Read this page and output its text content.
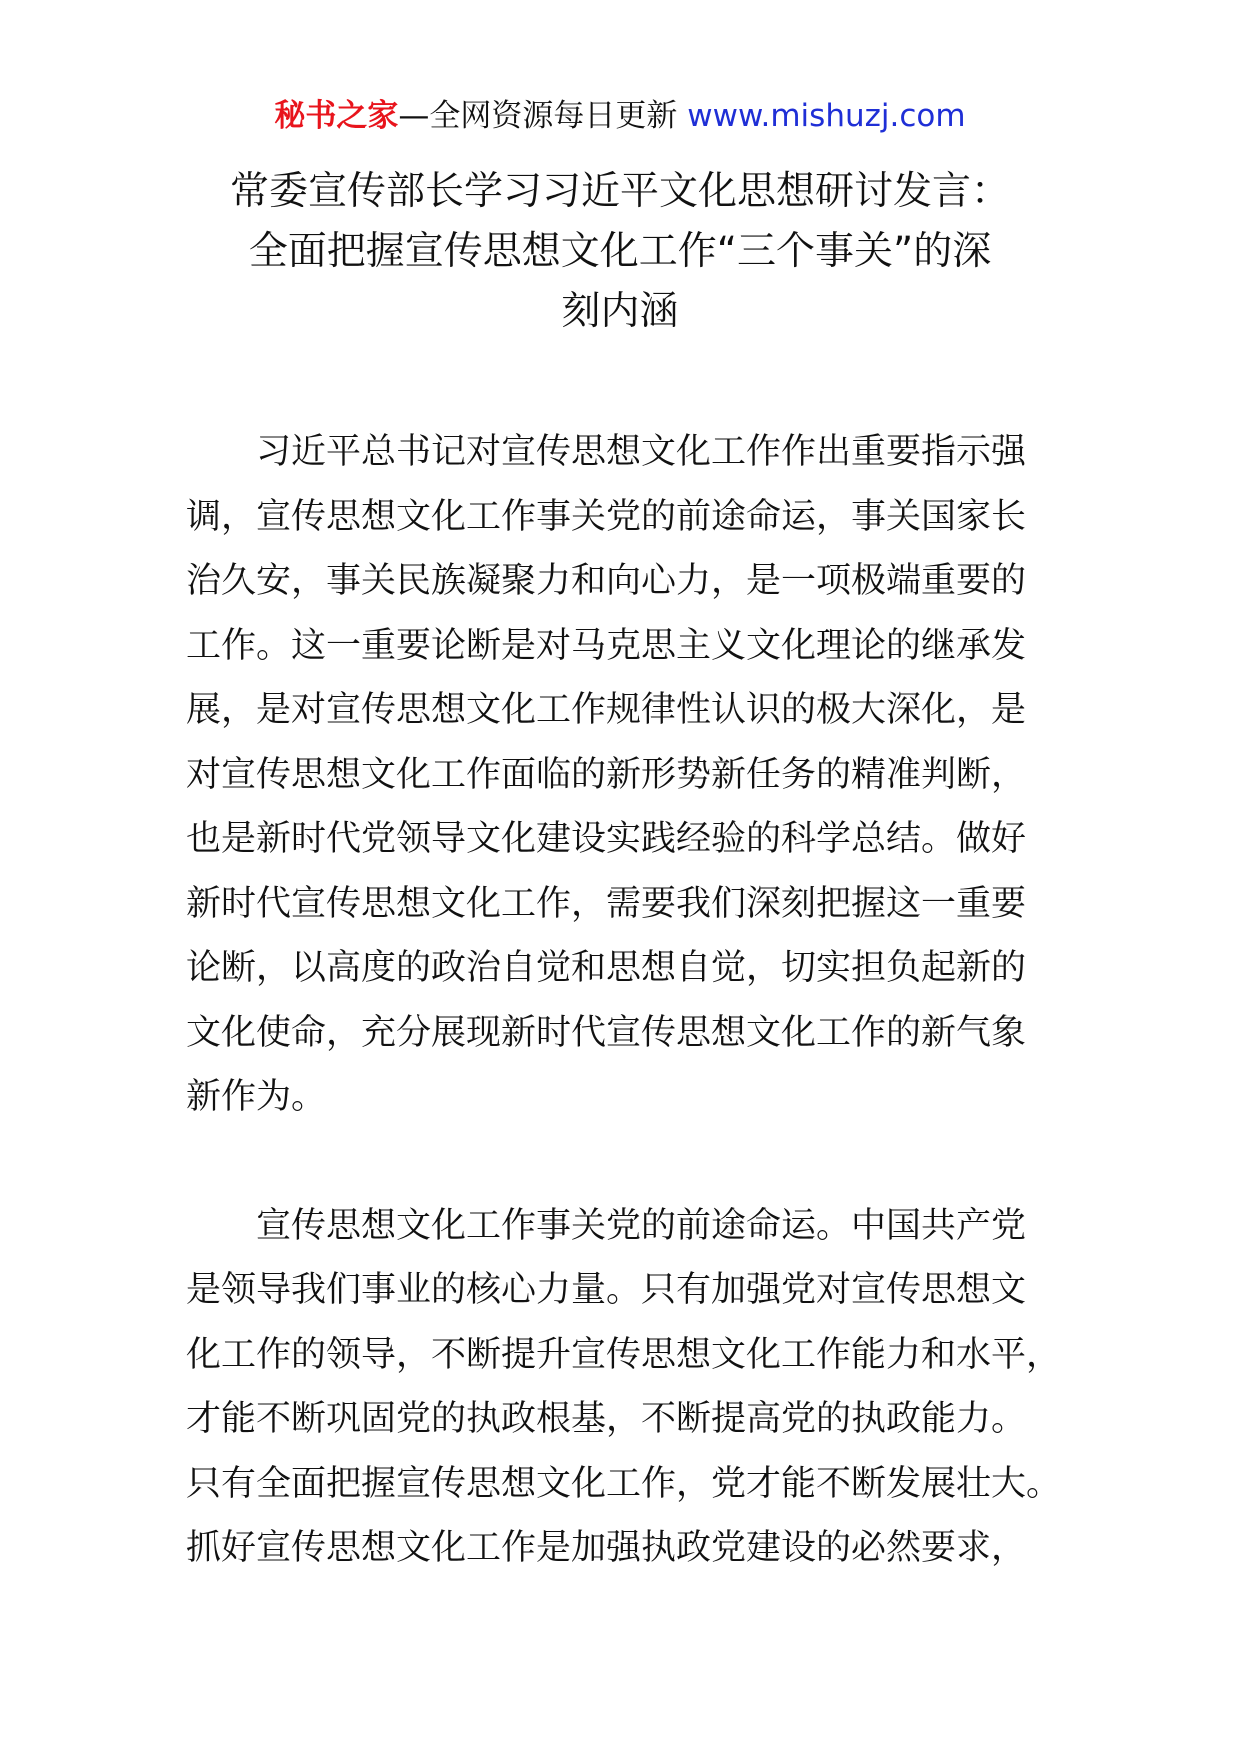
秘书之家—全网资源每日更新 www.mishuzj.com
常委宣传部长学习习近平文化思想研讨发言：
全面把握宣传思想文化工作“三个事关”的深
刻内涵

　　习近平总书记对宣传思想文化工作作出重要指示强
调，宣传思想文化工作事关党的前途命运，事关国家长
治久安，事关民族凝聚力和向心力，是一项极端重要的
工作。这一重要论断是对马克思主义文化理论的继承发
展，是对宣传思想文化工作规律性认识的极大深化，是
对宣传思想文化工作面临的新形势新任务的精准判断，
也是新时代党领导文化建设实践经验的科学总结。做好
新时代宣传思想文化工作，需要我们深刻把握这一重要
论断，以高度的政治自觉和思想自觉，切实担负起新的
文化使命，充分展现新时代宣传思想文化工作的新气象
新作为。

　　宣传思想文化工作事关党的前途命运。中国共产党
是领导我们事业的核心力量。只有加强党对宣传思想文
化工作的领导，不断提升宣传思想文化工作能力和水平，
才能不断巩固党的执政根基，不断提高党的执政能力。
只有全面把握宣传思想文化工作，党才能不断发展壮大。
抓好宣传思想文化工作是加强执政党建设的必然要求，
